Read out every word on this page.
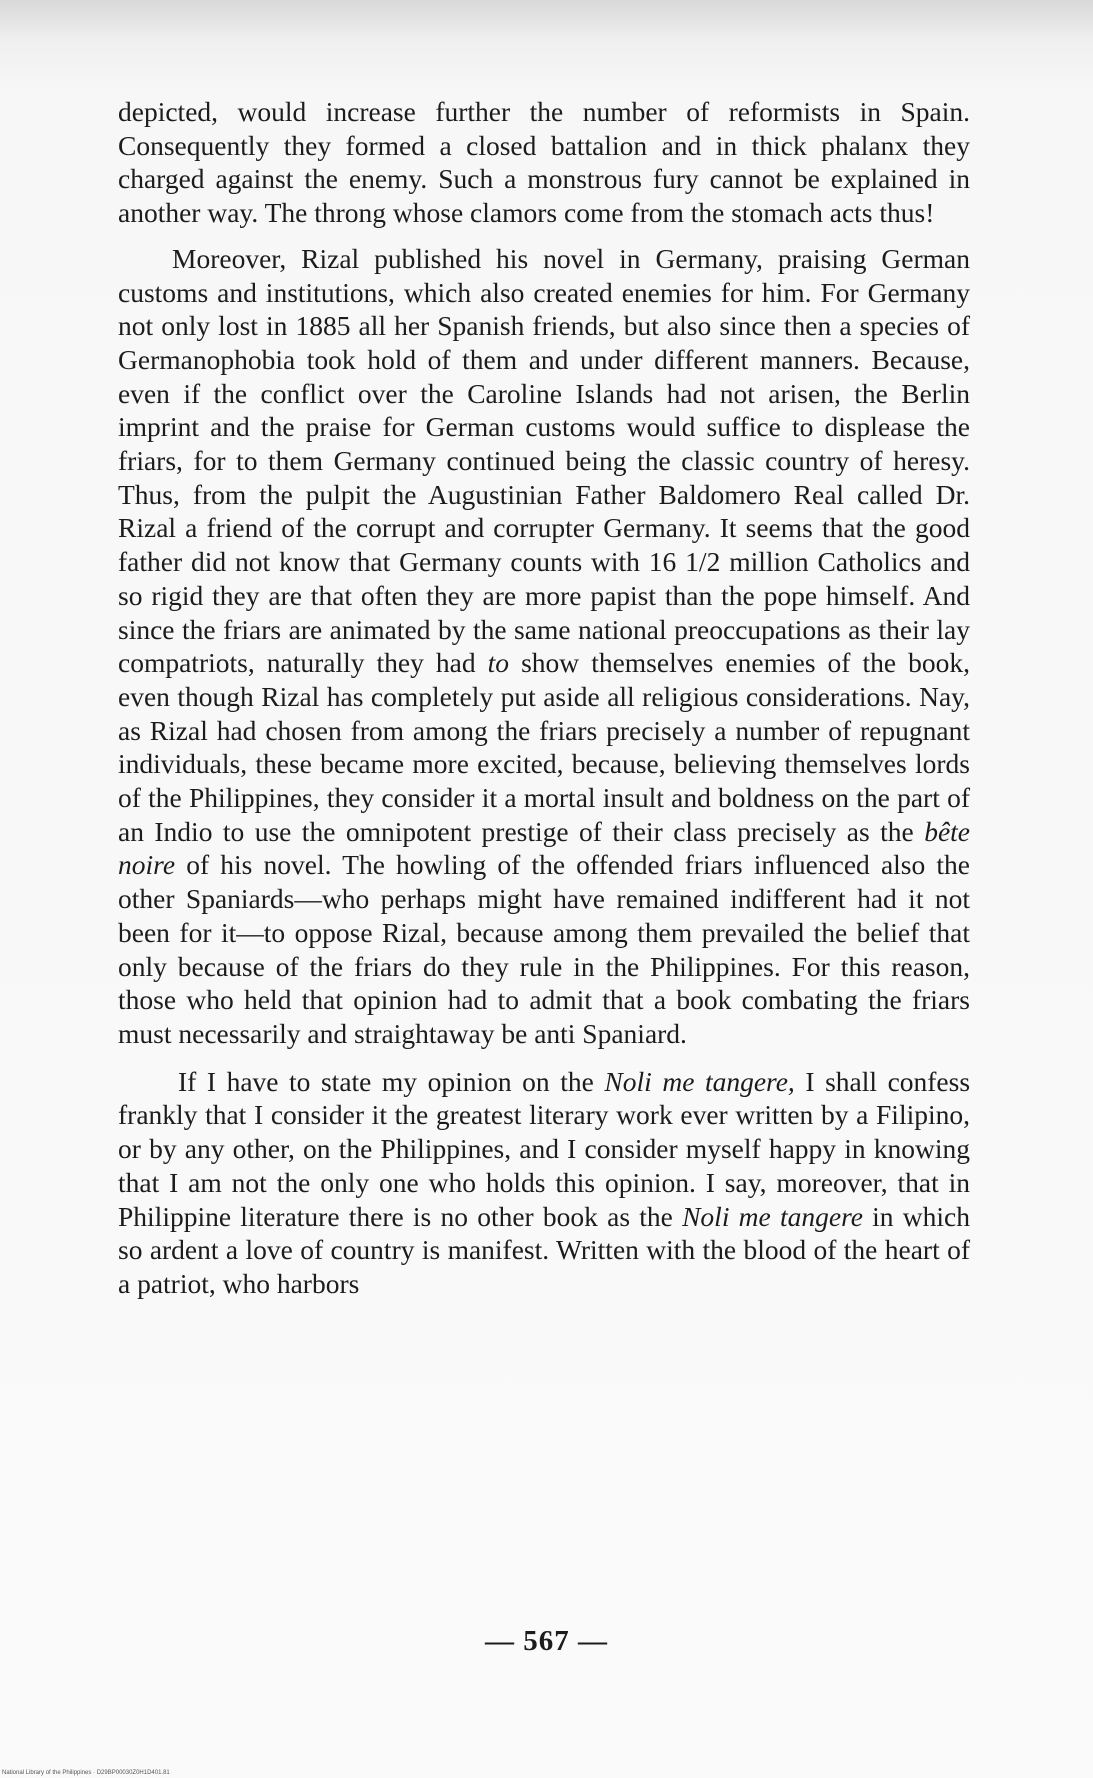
depicted, would increase further the number of reformists in Spain. Consequently they formed a closed battalion and in thick phalanx they charged against the enemy. Such a monstrous fury cannot be explained in another way. The throng whose clamors come from the stomach acts thus!

Moreover, Rizal published his novel in Germany, praising German customs and institutions, which also created enemies for him. For Germany not only lost in 1885 all her Spanish friends, but also since then a species of Germanophobia took hold of them and under different manners. Because, even if the conflict over the Caroline Islands had not arisen, the Berlin imprint and the praise for German customs would suffice to displease the friars, for to them Germany continued being the classic country of heresy. Thus, from the pulpit the Augustinian Father Baldomero Real called Dr. Rizal a friend of the corrupt and corrupter Germany. It seems that the good father did not know that Germany counts with 16 1/2 million Catholics and so rigid they are that often they are more papist than the pope himself. And since the friars are animated by the same national preoccupations as their lay compatriots, naturally they had to show themselves enemies of the book, even though Rizal has completely put aside all religious considerations. Nay, as Rizal had chosen from among the friars precisely a number of repugnant individuals, these became more excited, because, believing themselves lords of the Philippines, they consider it a mortal insult and boldness on the part of an Indio to use the omnipotent prestige of their class precisely as the bête noire of his novel. The howling of the offended friars influenced also the other Spaniards—who perhaps might have remained indifferent had it not been for it—to oppose Rizal, because among them prevailed the belief that only because of the friars do they rule in the Philippines. For this reason, those who held that opinion had to admit that a book combating the friars must necessarily and straightaway be anti Spaniard.

If I have to state my opinion on the Noli me tangere, I shall confess frankly that I consider it the greatest literary work ever written by a Filipino, or by any other, on the Philippines, and I consider myself happy in knowing that I am not the only one who holds this opinion. I say, moreover, that in Philippine literature there is no other book as the Noli me tangere in which so ardent a love of country is manifest. Written with the blood of the heart of a patriot, who harbors

— 567 —
National Library of the Philippines · D29BP00030Z0H1D401.81
